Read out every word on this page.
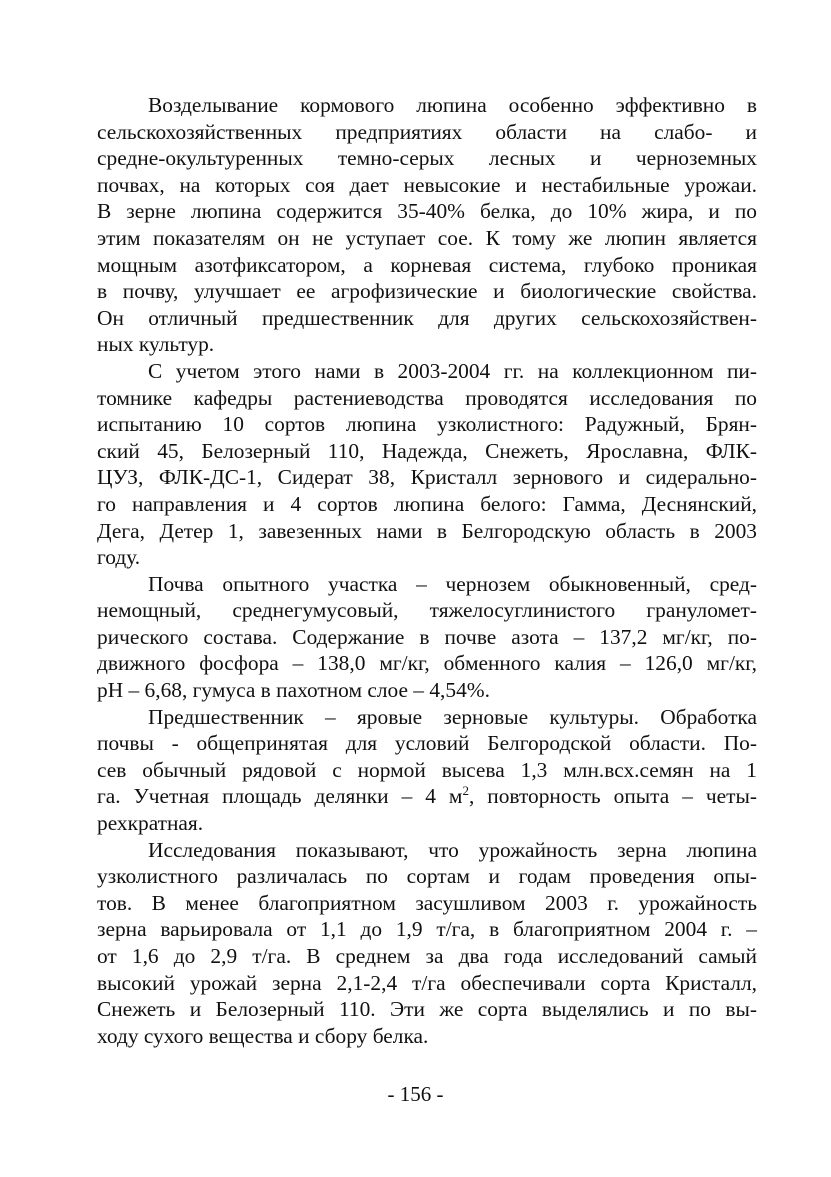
Возделывание кормового люпина особенно эффективно в
сельскохозяйственных предприятиях области на слабо- и
средне-окультуренных темно-серых лесных и черноземных
почвах, на которых соя дает невысокие и нестабильные урожаи.
В зерне люпина содержится 35-40% белка, до 10% жира, и по
этим показателям он не уступает сое. К тому же люпин является
мощным азотфиксатором, а корневая система, глубоко проникая
в почву, улучшает ее агрофизические и биологические свойства.
Он отличный предшественник для других сельскохозяйствен-
ных культур.

С учетом этого нами в 2003-2004 гг. на коллекционном пи-
томнике кафедры растениеводства проводятся исследования по
испытанию 10 сортов люпина узколистного: Радужный, Брян-
ский 45, Белозерный 110, Надежда, Снежеть, Ярославна, ФЛК-
ЦУЗ, ФЛК-ДС-1, Сидерат 38, Кристалл зернового и сидерально-
го направления и 4 сортов люпина белого: Гамма, Деснянский,
Дега, Детер 1, завезенных нами в Белгородскую область в 2003
году.

Почва опытного участка – чернозем обыкновенный, сред-
немощный, среднегумусовый, тяжелосуглинистого грануломет-
рического состава. Содержание в почве азота – 137,2 мг/кг, по-
движного фосфора – 138,0 мг/кг, обменного калия – 126,0 мг/кг,
рН – 6,68, гумуса в пахотном слое – 4,54%.

Предшественник – яровые зерновые культуры. Обработка
почвы - общепринятая для условий Белгородской области. По-
сев обычный рядовой с нормой высева 1,3 млн.всх.семян на 1
га. Учетная площадь делянки – 4 $м^2$, повторность опыта – четы-
рехкратная.

Исследования показывают, что урожайность зерна люпина
узколистного различалась по сортам и годам проведения опы-
тов. В менее благоприятном засушливом 2003 г. урожайность
зерна варьировала от 1,1 до 1,9 т/га, в благоприятном 2004 г. –
от 1,6 до 2,9 т/га. В среднем за два года исследований самый
высокий урожай зерна 2,1-2,4 т/га обеспечивали сорта Кристалл,
Снежеть и Белозерный 110. Эти же сорта выделялись и по вы-
ходу сухого вещества и сбору белка.

- 156 -
